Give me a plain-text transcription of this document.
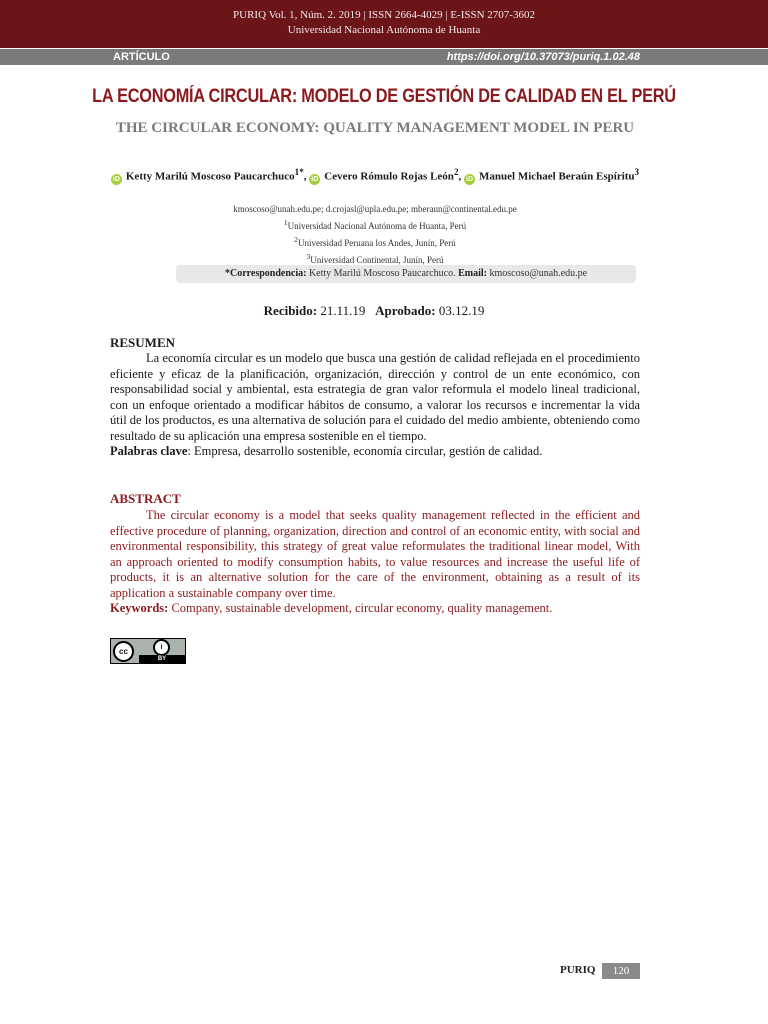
PURIQ Vol. 1, Núm. 2. 2019 | ISSN 2664-4029 | E-ISSN 2707-3602
Universidad Nacional Autónoma de Huanta
ARTÍCULO	https://doi.org/10.37073/puriq.1.02.48
LA ECONOMÍA CIRCULAR: MODELO DE GESTIÓN DE CALIDAD EN EL PERÚ
THE CIRCULAR ECONOMY: QUALITY MANAGEMENT MODEL IN PERU
iD Ketty Marilú Moscoso Paucarchuco$^{1*}$, iD Cevero Rómulo Rojas León$^2$, iD Manuel Michael Beraún Espíritu$^3$
kmoscoso@unah.edu.pe; d.crojasl@upla.edu.pe; mberaun@continental.edu.pe
$^1$Universidad Nacional Autónoma de Huanta, Perú
$^2$Universidad Peruana los Andes, Junín, Perú
$^3$Universidad Continental, Junín, Perú
*Correspondencia: Ketty Marilú Moscoso Paucarchuco. Email: kmoscoso@unah.edu.pe
Recibido: 21.11.19 Aprobado: 03.12.19
RESUMEN

La economía circular es un modelo que busca una gestión de calidad reflejada en el procedimiento eficiente y eficaz de la planificación, organización, dirección y control de un ente económico, con responsabilidad social y ambiental, esta estrategia de gran valor reformula el modelo lineal tradicional, con un enfoque orientado a modificar hábitos de consumo, a valorar los recursos e incrementar la vida útil de los productos, es una alternativa de solución para el cuidado del medio ambiente, obteniendo como resultado de su aplicación una empresa sostenible en el tiempo.

Palabras clave: Empresa, desarrollo sostenible, economía circular, gestión de calidad.

ABSTRACT

The circular economy is a model that seeks quality management reflected in the efficient and effective procedure of planning, organization, direction and control of an economic entity, with social and environmental responsibility, this strategy of great value reformulates the traditional linear model, With an approach oriented to modify consumption habits, to value resources and increase the useful life of products, it is an alternative solution for the care of the environment, obtaining as a result of its application a sustainable company over time.

Keywords: Company, sustainable development, circular economy, quality management.

cc	i
BY
PURIQ	120
